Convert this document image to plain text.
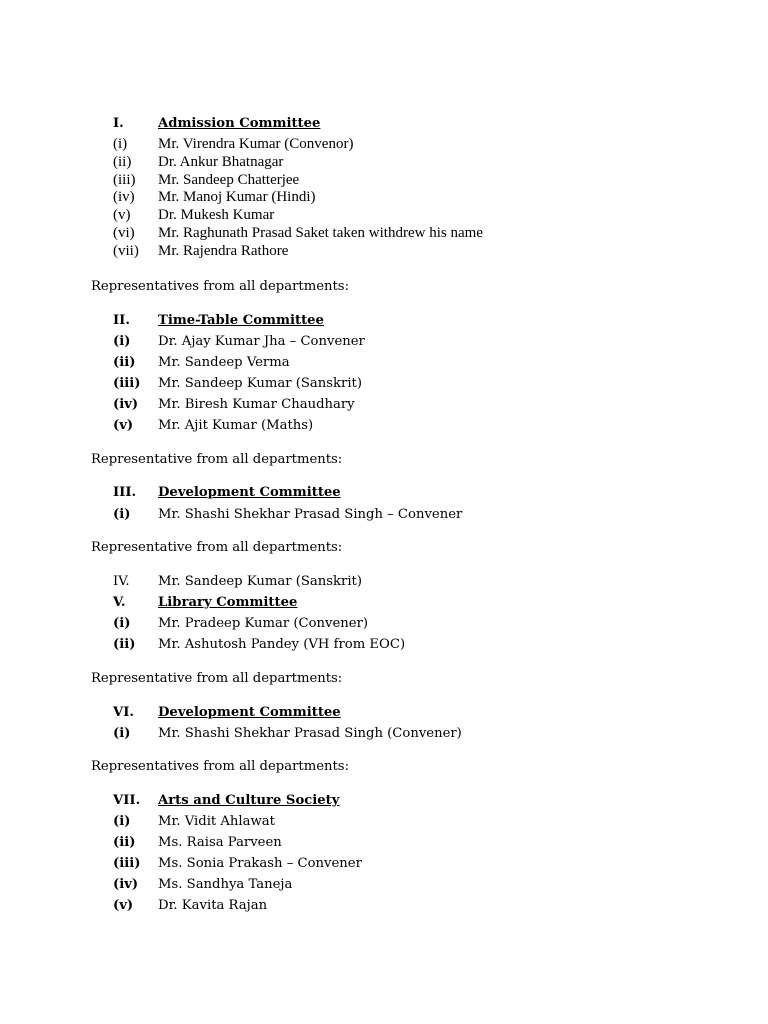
I.	Admission Committee
(i) Mr. Virendra Kumar (Convenor)
(ii) Dr. Ankur Bhatnagar
(iii) Mr. Sandeep Chatterjee
(iv) Mr. Manoj Kumar (Hindi)
(v) Dr. Mukesh Kumar
(vi) Mr. Raghunath Prasad Saket taken withdrew his name
(vii) Mr. Rajendra Rathore
Representatives from all departments:
II. Time-Table Committee
(i) Dr. Ajay Kumar Jha – Convener
(ii) Mr. Sandeep Verma
(iii) Mr. Sandeep Kumar (Sanskrit)
(iv) Mr. Biresh Kumar Chaudhary
(v) Mr. Ajit Kumar (Maths)
Representative from all departments:
III. Development Committee
(i) Mr. Shashi Shekhar Prasad Singh – Convener
Representative from all departments:
IV. Mr. Sandeep Kumar (Sanskrit)
V. Library Committee
(i) Mr. Pradeep Kumar (Convener)
(ii) Mr. Ashutosh Pandey (VH from EOC)
Representative from all departments:
VI. Development Committee
(i) Mr. Shashi Shekhar Prasad Singh (Convener)
Representatives from all departments:
VII. Arts and Culture Society
(i) Mr. Vidit Ahlawat
(ii) Ms. Raisa Parveen
(iii) Ms. Sonia Prakash – Convener
(iv) Ms. Sandhya Taneja
(v) Dr. Kavita Rajan
